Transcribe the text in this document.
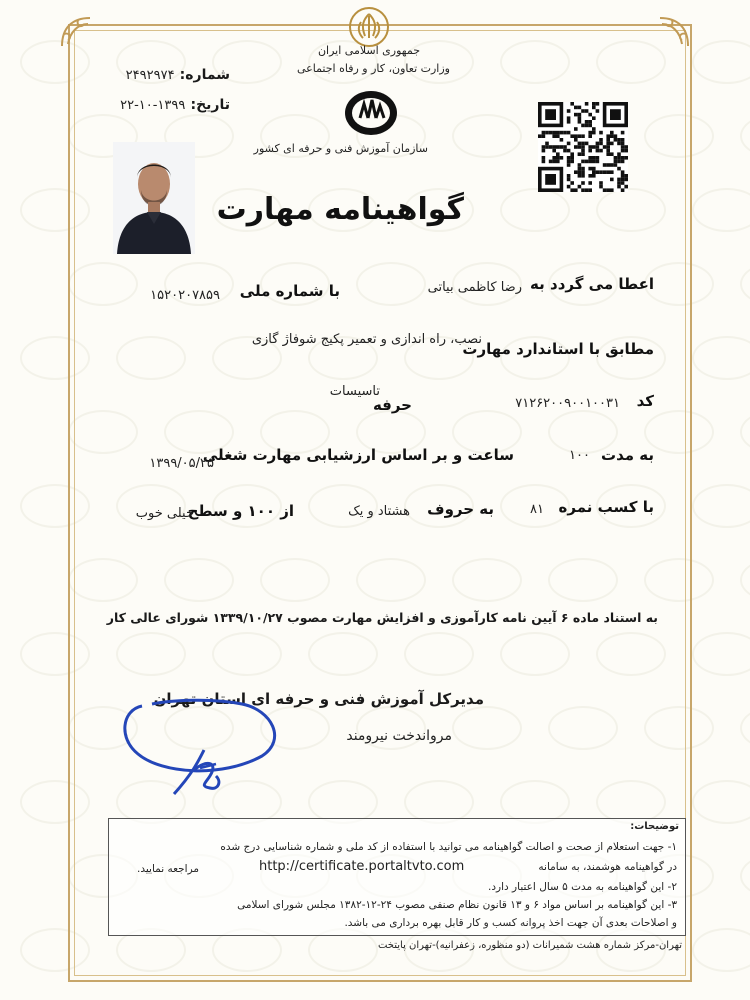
جمهوری اسلامی ایران
وزارت تعاون، کار و رفاه اجتماعی
شماره: ۲۴۹۲۹۷۴
تاریخ: ۱۳۹۹-۱۰-۲۲
سازمان آموزش فنی و حرفه ای کشور
گواهینامه مهارت
اعطا می گردد به
رضا کاظمی بیاتی
با شماره ملی
۱۵۲۰۲۰۷۸۵۹
مطابق با استاندارد مهارت
نصب، راه اندازی و تعمیر پکیج شوفاژ گازی
کد
۷۱۲۶۲۰۰۹۰۰۱۰۰۳۱
حرفه
تاسیسات
به مدت
۱۰۰
ساعت و بر اساس ارزشیابی مهارت شغلی
۱۳۹۹/۰۵/۲۵
با کسب نمره
۸۱
به حروف
هشتاد و یک
از ۱۰۰ و سطح
خیلی خوب
به استناد ماده ۶ آیین نامه کارآموزی و افزایش مهارت مصوب ۱۳۳۹/۱۰/۲۷ شورای عالی کار
مدیرکل آموزش فنی و حرفه ای استان تهران
مرواندخت نیرومند
توضیحات:
۱- جهت استعلام از صحت و اصالت گواهینامه می توانید با استفاده از کد ملی و شماره شناسایی درج شده
در گواهینامه هوشمند، به سامانه
http://certificate.portaltvto.com
مراجعه نمایید.
۲- این گواهینامه به مدت ۵ سال اعتبار دارد.
۳- این گواهینامه بر اساس مواد ۶ و ۱۳ قانون نظام صنفی مصوب ۲۴-۱۲-۱۳۸۲ مجلس شورای اسلامی
و اصلاحات بعدی آن جهت اخذ پروانه کسب و کار قابل بهره برداری می باشد.
تهران-مرکز شماره هشت شمیرانات (دو منظوره، زعفرانیه)-تهران پایتخت
